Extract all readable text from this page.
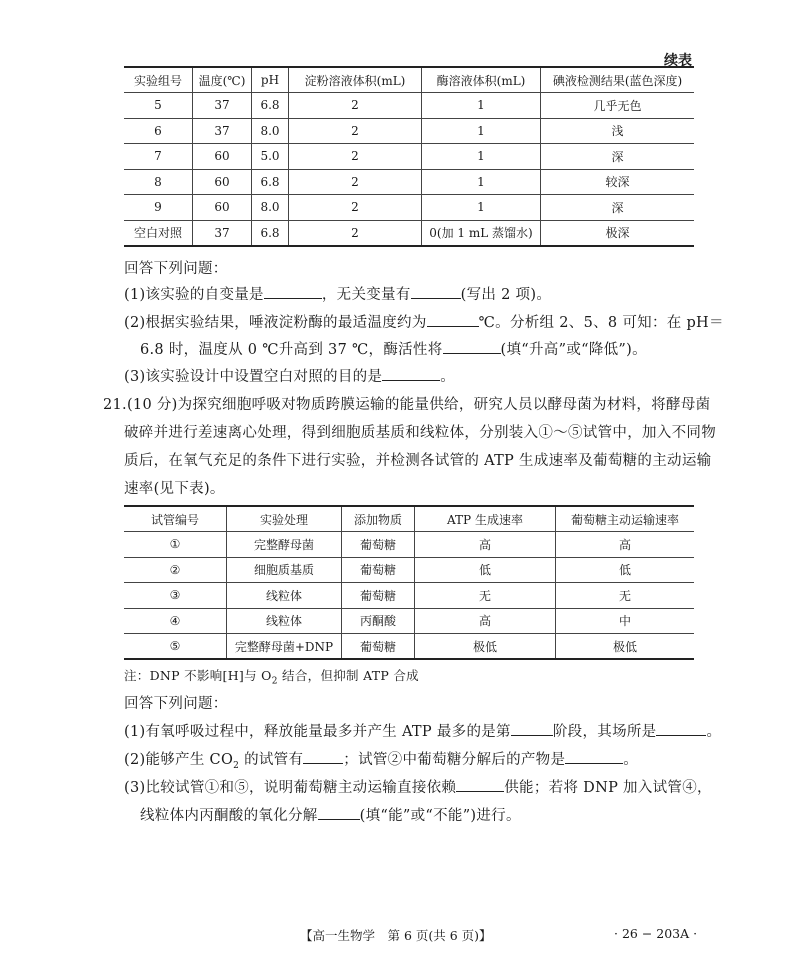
续表
实验组号	温度(℃)	pH	淀粉溶液体积(mL)	酶溶液体积(mL)	碘液检测结果(蓝色深度)
5	37	6.8	2	1	几乎无色
6	37	8.0	2	1	浅
7	60	5.0	2	1	深
8	60	6.8	2	1	较深
9	60	8.0	2	1	深
空白对照	37	6.8	2	0(加 1 mL 蒸馏水)	极深
回答下列问题：
(1)该实验的自变量是	，无关变量有	(写出 2 项)。
(2)根据实验结果，唾液淀粉酶的最适温度约为	℃。分析组 2、5、8 可知：在 pH＝
6.8 时，温度从 0 ℃升高到 37 ℃，酶活性将	(填“升高”或“降低”)。
(3)该实验设计中设置空白对照的目的是	。
21.(10 分)为探究细胞呼吸对物质跨膜运输的能量供给，研究人员以酵母菌为材料，将酵母菌
破碎并进行差速离心处理，得到细胞质基质和线粒体，分别装入①～⑤试管中，加入不同物
质后，在氧气充足的条件下进行实验，并检测各试管的 ATP 生成速率及葡萄糖的主动运输
速率(见下表)。
试管编号	实验处理	添加物质	ATP 生成速率	葡萄糖主动运输速率
①	完整酵母菌	葡萄糖	高	高
②	细胞质基质	葡萄糖	低	低
③	线粒体	葡萄糖	无	无
④	线粒体	丙酮酸	高	中
⑤	完整酵母菌+DNP	葡萄糖	极低	极低
注：DNP 不影响[H]与 $O_2$ 结合，但抑制 ATP 合成
回答下列问题：
(1)有氧呼吸过程中，释放能量最多并产生 ATP 最多的是第	阶段，其场所是	。
(2)能够产生 $CO_2$ 的试管有	；试管②中葡萄糖分解后的产物是	。
(3)比较试管①和⑤，说明葡萄糖主动运输直接依赖	供能；若将 DNP 加入试管④，
线粒体内丙酮酸的氧化分解	(填“能”或“不能”)进行。
【高一生物学　第 6 页(共 6 页)】	· 26 − 203A ·
